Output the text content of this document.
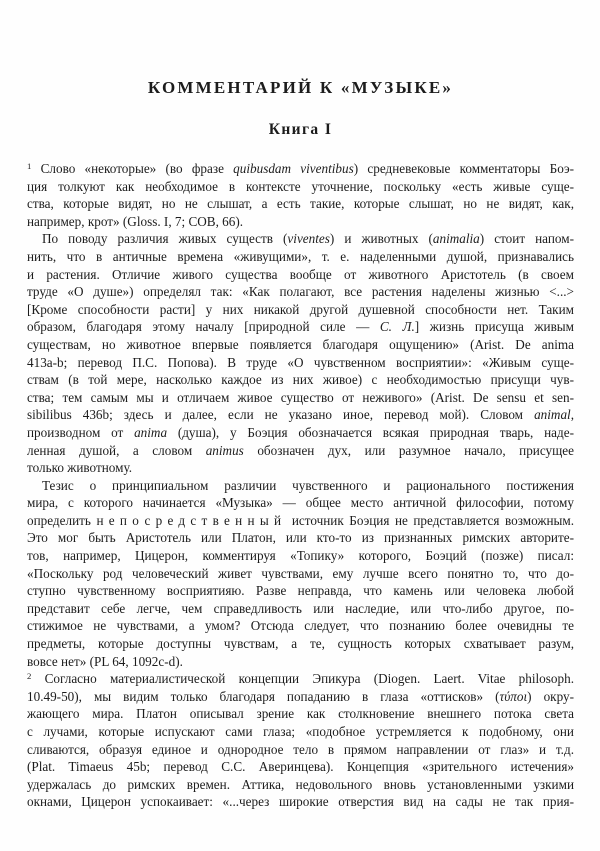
КОММЕНТАРИЙ К «МУЗЫКЕ»
Книга I
$^1$ Слово «некоторые» (во фразе quibusdam viventibus) средневековые комментаторы Боэ-
ция толкуют как необходимое в контексте уточнение, поскольку «есть живые суще-
ства, которые видят, но не слышат, а есть такие, которые слышат, но не видят, как,
например, крот» (Gloss. I, 7; COB, 66).
По поводу различия живых существ (viventes) и животных (animalia) стоит напом-
нить, что в античные времена «живущими», т. е. наделенными душой, признавались
и растения. Отличие живого существа вообще от животного Аристотель (в своем
труде «О душе») определял так: «Как полагают, все растения наделены жизнью <...>
[Кроме способности расти] у них никакой другой душевной способности нет. Таким
образом, благодаря этому началу [природной силе — С. Л.] жизнь присуща живым
существам, но животное впервые появляется благодаря ощущению» (Arist. De anima
413a-b; перевод П.С. Попова). В труде «О чувственном восприятии»: «Живым суще-
ствам (в той мере, насколько каждое из них живое) с необходимостью присущи чув-
ства; тем самым мы и отличаем живое существо от неживого» (Arist. De sensu et sen-
sibilibus 436b; здесь и далее, если не указано иное, перевод мой). Словом animal,
производном от anima (душа), у Боэция обозначается всякая природная тварь, наде-
ленная душой, а словом animus обозначен дух, или разумное начало, присущее
только животному.
Тезис о принципиальном различии чувственного и рационального постижения
мира, с которого начинается «Музыка» — общее место античной философии, потому
определить непосредственный источник Боэция не представляется возможным.
Это мог быть Аристотель или Платон, или кто-то из признанных римских авторите-
тов, например, Цицерон, комментируя «Топику» которого, Боэций (позже) писал:
«Поскольку род человеческий живет чувствами, ему лучше всего понятно то, что до-
ступно чувственному восприятияю. Разве неправда, что камень или человека любой
представит себе легче, чем справедливость или наследие, или что-либо другое, по-
стижимое не чувствами, а умом? Отсюда следует, что познанию более очевидны те
предметы, которые доступны чувствам, а те, сущность которых схватывает разум,
вовсе нет» (PL 64, 1092c-d).
$^2$ Согласно материалистической концепции Эпикура (Diogen. Laert. Vitae philosoph.
10.49-50), мы видим только благодаря попаданию в глаза «оттисков» (τύποι) окру-
жающего мира. Платон описывал зрение как столкновение внешнего потока света
с лучами, которые испускают сами глаза; «подобное устремляется к подобному, они
сливаются, образуя единое и однородное тело в прямом направлении от глаз» и т.д.
(Plat. Timaeus 45b; перевод С.С. Аверинцева). Концепция «зрительного истечения»
удержалась до римских времен. Аттика, недовольного вновь установленными узкими
окнами, Цицерон успокаивает: «...через широкие отверстия вид на сады не так прия-
